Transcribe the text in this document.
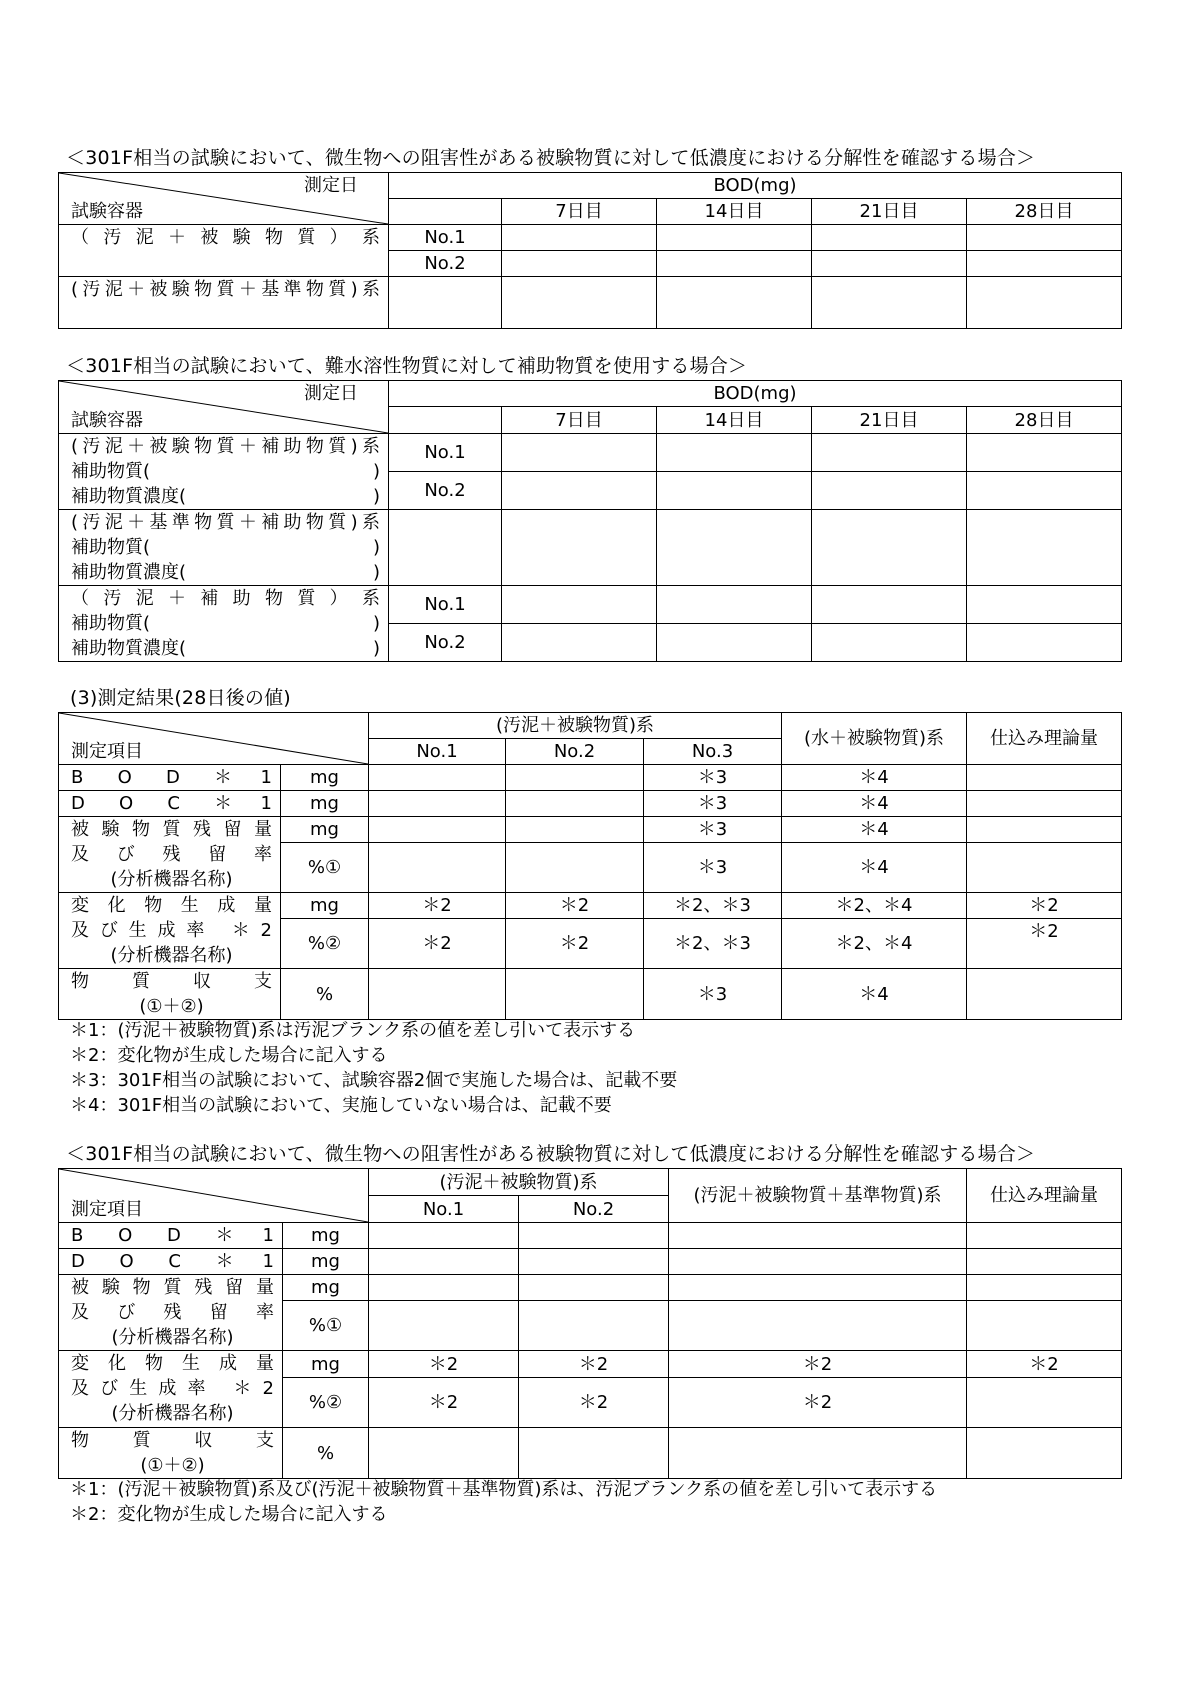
＜301F相当の試験において、微生物への阻害性がある被験物質に対して低濃度における分解性を確認する場合＞
測定日
試験容器	BOD(mg)				
		7日目	14日目	21日目	28日目
（汚泥＋被験物質）系	No.1				
	No.2				
(汚泥＋被験物質＋基準物質)系					
＜301F相当の試験において、難水溶性物質に対して補助物質を使用する場合＞
測定日
試験容器	BOD(mg)				
		7日目	14日目	21日目	28日目

(汚泥＋被験物質＋補助物質)系
補助物質( )
補助物質濃度( )	No.1				
	No.2				

(汚泥＋基準物質＋補助物質)系
補助物質( )
補助物質濃度( )					

（汚泥＋補助物質）系
補助物質( )
補助物質濃度( )	No.1				
	No.2				
(3)測定結果(28日後の値)
測定項目		(汚泥＋被験物質)系			(水＋被験物質)系	仕込み理論量
		No.1	No.2	No.3		
B O D ＊1	mg			＊3	＊4	
D O C ＊1	mg			＊3	＊4	

被験物質残留量
及び残留率
(分析機器名称)	mg			＊3	＊4	
	%①			＊3	＊4	

変化物生成量
及び生成率 ＊2
(分析機器名称)	mg	＊2	＊2	＊2、＊3	＊2、＊4	＊2
	%②	＊2	＊2	＊2、＊3	＊2、＊4	＊2

物質収支
(①＋②)	%			＊3	＊4	
＊1：(汚泥＋被験物質)系は汚泥ブランク系の値を差し引いて表示する
＊2：変化物が生成した場合に記入する
＊3：301F相当の試験において、試験容器2個で実施した場合は、記載不要
＊4：301F相当の試験において、実施していない場合は、記載不要
＜301F相当の試験において、微生物への阻害性がある被験物質に対して低濃度における分解性を確認する場合＞
測定項目		(汚泥＋被験物質)系		(汚泥＋被験物質＋基準物質)系	仕込み理論量
		No.1	No.2		
B O D ＊1	mg				
D O C ＊1	mg				

被験物質残留量
及び残留率
(分析機器名称)	mg				
	%①				

変化物生成量
及び生成率 ＊2
(分析機器名称)	mg	＊2	＊2	＊2	＊2
	%②	＊2	＊2	＊2	

物質収支
(①＋②)	%				
＊1：(汚泥＋被験物質)系及び(汚泥＋被験物質＋基準物質)系は、汚泥ブランク系の値を差し引いて表示する
＊2：変化物が生成した場合に記入する
